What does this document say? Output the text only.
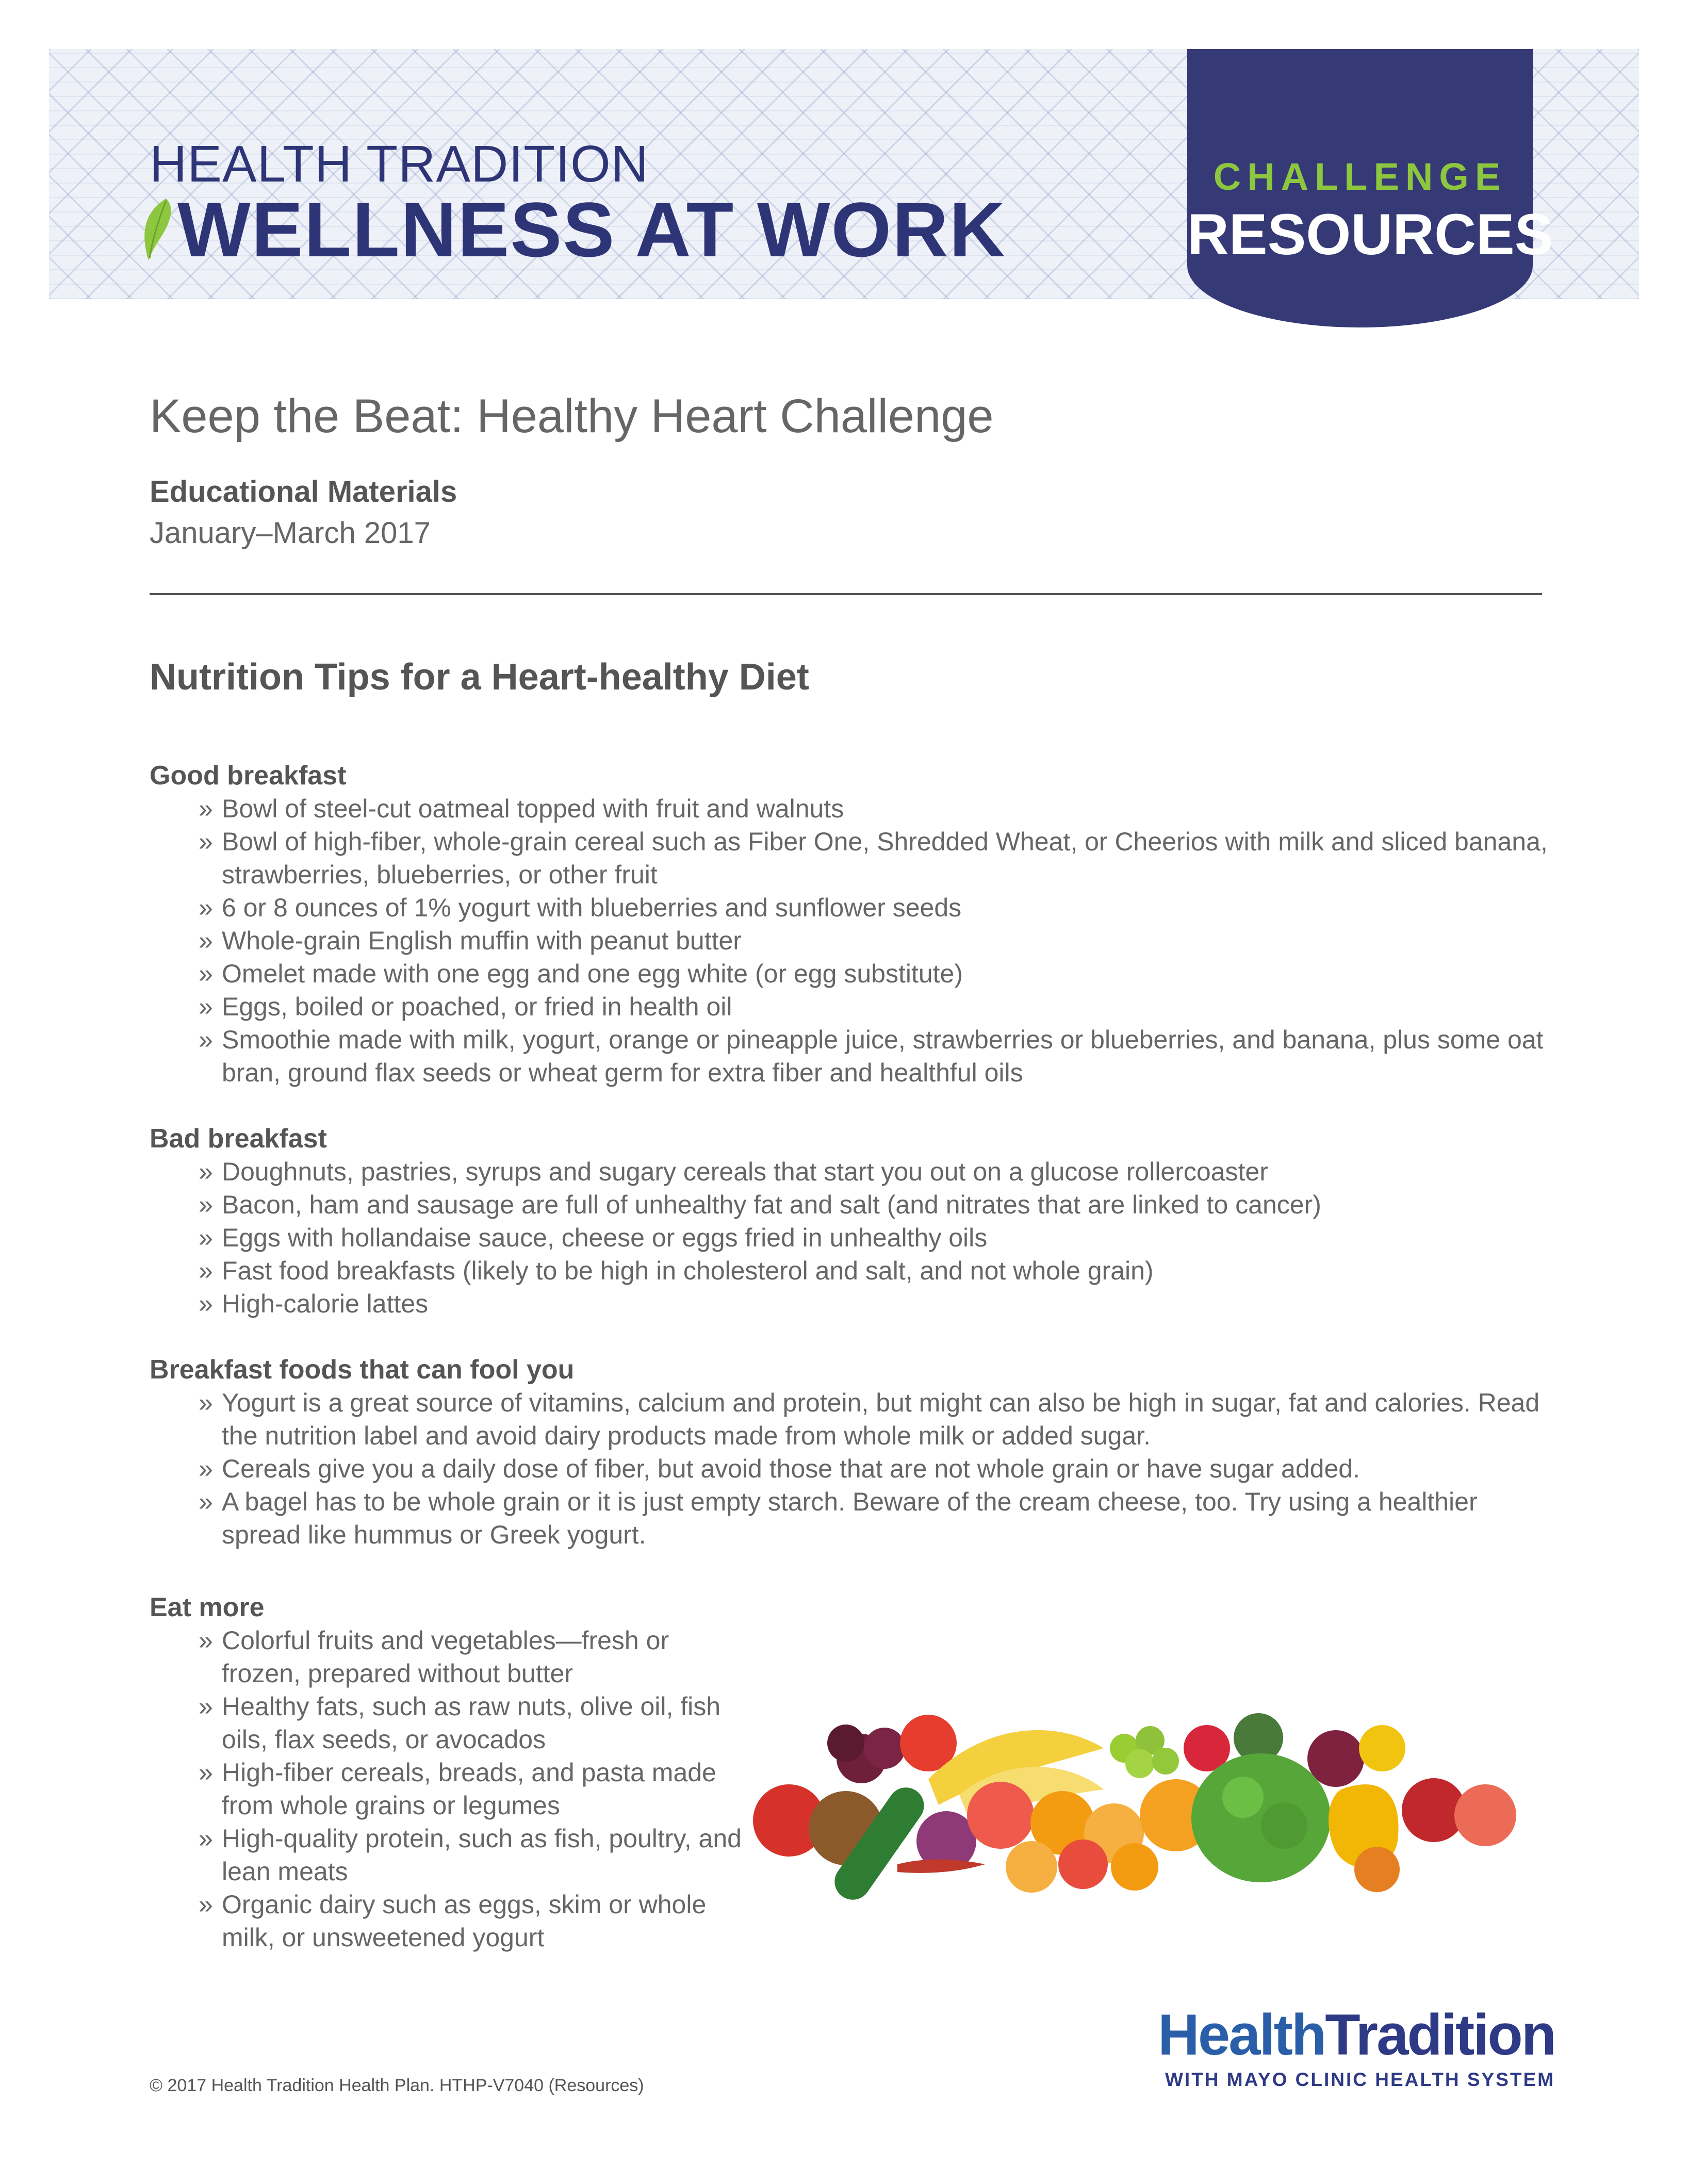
HEALTH TRADITION
WELLNESS AT WORK
CHALLENGE
RESOURCES
Keep the Beat: Healthy Heart Challenge
Educational Materials
January–March 2017
Nutrition Tips for a Heart-healthy Diet
Good breakfast
» Bowl of steel-cut oatmeal topped with fruit and walnuts
» Bowl of high-fiber, whole-grain cereal such as Fiber One, Shredded Wheat, or Cheerios with milk and sliced banana, strawberries, blueberries, or other fruit
» 6 or 8 ounces of 1% yogurt with blueberries and sunflower seeds
» Whole-grain English muffin with peanut butter
» Omelet made with one egg and one egg white (or egg substitute)
» Eggs, boiled or poached, or fried in health oil
» Smoothie made with milk, yogurt, orange or pineapple juice, strawberries or blueberries, and banana, plus some oat bran, ground flax seeds or wheat germ for extra fiber and healthful oils
Bad breakfast
» Doughnuts, pastries, syrups and sugary cereals that start you out on a glucose rollercoaster
» Bacon, ham and sausage are full of unhealthy fat and salt (and nitrates that are linked to cancer)
» Eggs with hollandaise sauce, cheese or eggs fried in unhealthy oils
» Fast food breakfasts (likely to be high in cholesterol and salt, and not whole grain)
» High-calorie lattes
Breakfast foods that can fool you
» Yogurt is a great source of vitamins, calcium and protein, but might can also be high in sugar, fat and calories. Read the nutrition label and avoid dairy products made from whole milk or added sugar.
» Cereals give you a daily dose of fiber, but avoid those that are not whole grain or have sugar added.
» A bagel has to be whole grain or it is just empty starch. Beware of the cream cheese, too. Try using a healthier spread like hummus or Greek yogurt.
Eat more
» Colorful fruits and vegetables—fresh or frozen, prepared without butter
» Healthy fats, such as raw nuts, olive oil, fish oils, flax seeds, or avocados
» High-fiber cereals, breads, and pasta made from whole grains or legumes
» High-quality protein, such as fish, poultry, and lean meats
» Organic dairy such as eggs, skim or whole milk, or unsweetened yogurt
© 2017 Health Tradition Health Plan. HTHP-V7040 (Resources)
HealthTradition
WITH MAYO CLINIC HEALTH SYSTEM
